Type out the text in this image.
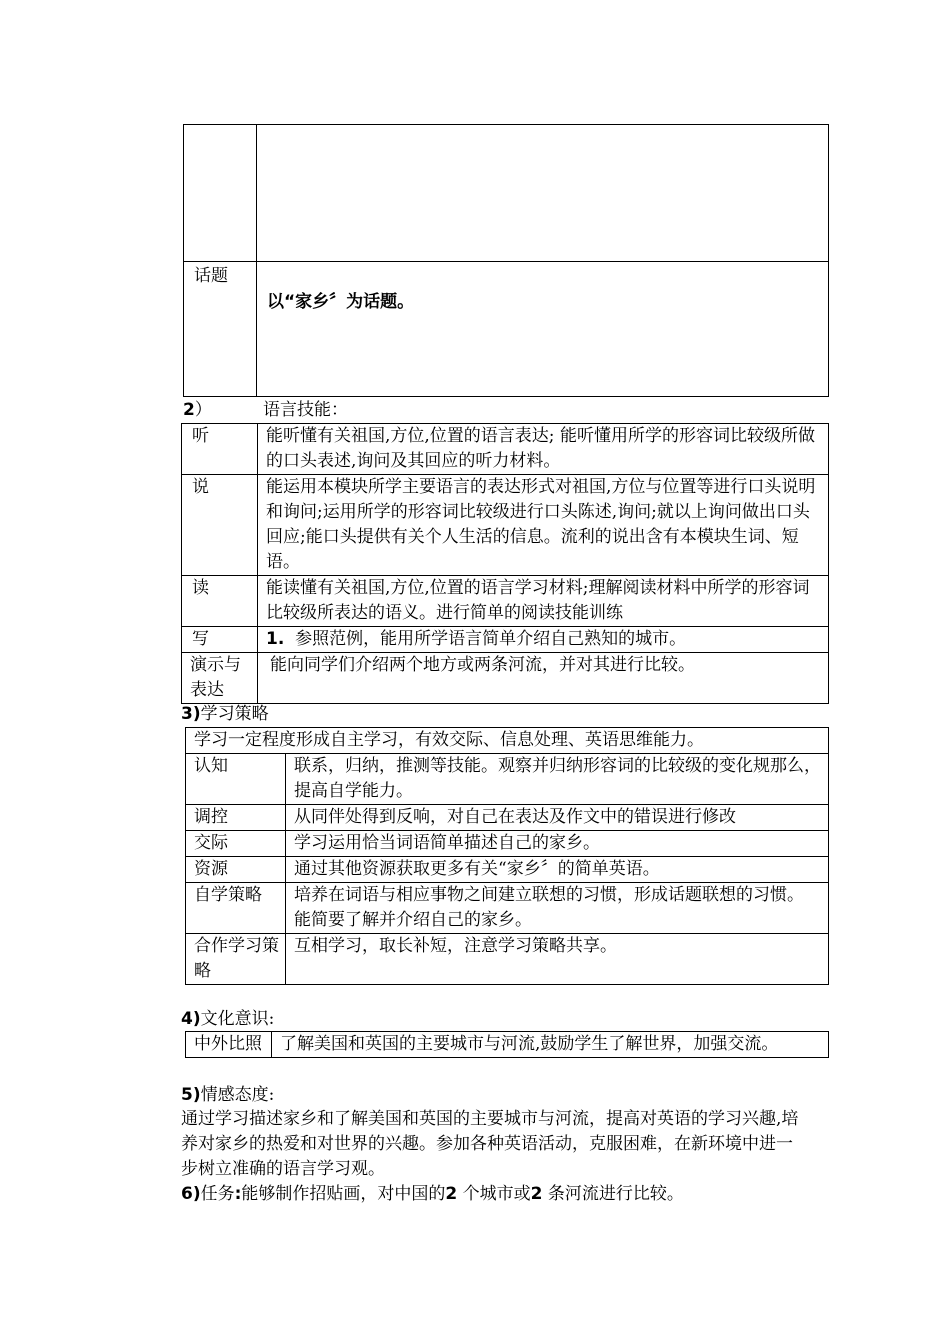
话题	以“家乡〞为话题。
2）	语言技能：
听	能听懂有关祖国,方位,位置的语言表达; 能听懂用所学的形容词比较级所做的口头表述,询问及其回应的听力材料。
说	能运用本模块所学主要语言的表达形式对祖国,方位与位置等进行口头说明和询问;运用所学的形容词比较级进行口头陈述,询问;就以上询问做出口头回应;能口头提供有关个人生活的信息。流利的说出含有本模块生词、短语。
读	能读懂有关祖国,方位,位置的语言学习材料;理解阅读材料中所学的形容词比较级所表达的语义。进行简单的阅读技能训练
写	1. 参照范例，能用所学语言简单介绍自己熟知的城市。
演示与表达	能向同学们介绍两个地方或两条河流，并对其进行比较。
3)学习策略
学习一定程度形成自主学习，有效交际、信息处理、英语思维能力。	
认知	联系，归纳，推测等技能。观察并归纳形容词的比较级的变化规那么，提高自学能力。
调控	从同伴处得到反响，对自己在表达及作文中的错误进行修改
交际	学习运用恰当词语简单描述自己的家乡。
资源	通过其他资源获取更多有关“家乡〞的简单英语。
自学策略	培养在词语与相应事物之间建立联想的习惯，形成话题联想的习惯。
能简要了解并介绍自己的家乡。

合作学习策略	互相学习，取长补短，注意学习策略共享。
4)文化意识:
中外比照	了解美国和英国的主要城市与河流,鼓励学生了解世界，加强交流。
5)情感态度:
通过学习描述家乡和了解美国和英国的主要城市与河流，提高对英语的学习兴趣,培养对家乡的热爱和对世界的兴趣。参加各种英语活动，克服困难，在新环境中进一步树立准确的语言学习观。
6)任务:能够制作招贴画，对中国的2 个城市或2 条河流进行比较。
